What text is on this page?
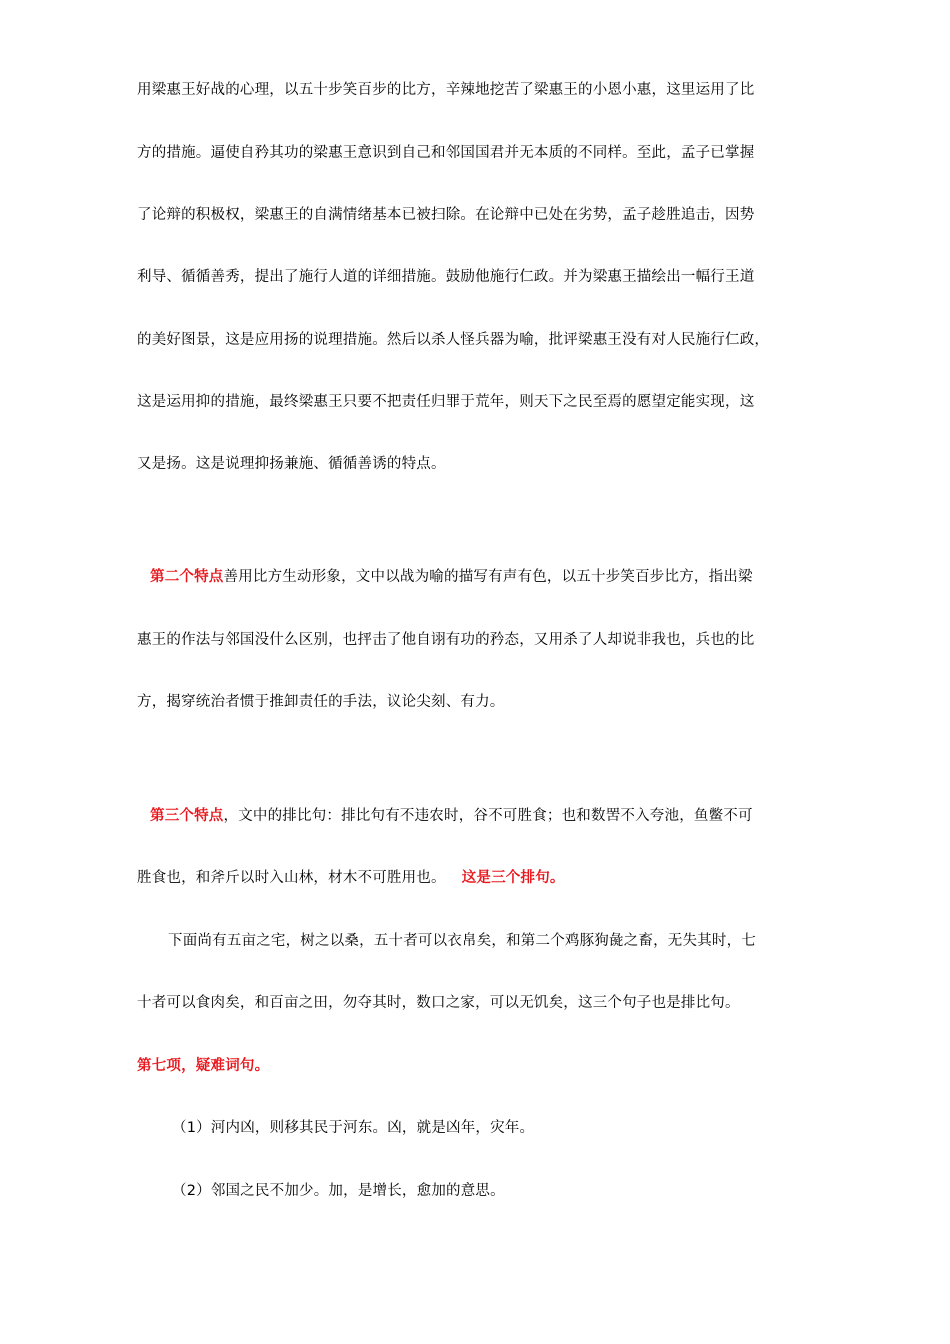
用梁惠王好战的心理，以五十步笑百步的比方，辛辣地挖苦了梁惠王的小恩小惠，这里运用了比
方的措施。逼使自矜其功的梁惠王意识到自己和邻国国君并无本质的不同样。至此，孟子已掌握
了论辩的积极权，梁惠王的自满情绪基本已被扫除。在论辩中已处在劣势，孟子趁胜追击，因势
利导、循循善秀，提出了施行人道的详细措施。鼓励他施行仁政。并为梁惠王描绘出一幅行王道
的美好图景，这是应用扬的说理措施。然后以杀人怪兵器为喻，批评梁惠王没有对人民施行仁政，
这是运用抑的措施，最终梁惠王只要不把责任归罪于荒年，则天下之民至焉的愿望定能实现，这
又是扬。这是说理抑扬兼施、循循善诱的特点。
第二个特点善用比方生动形象，文中以战为喻的描写有声有色，以五十步笑百步比方，指出梁
惠王的作法与邻国没什么区别，也抨击了他自诩有功的矜态，又用杀了人却说非我也，兵也的比
方，揭穿统治者惯于推卸责任的手法，议论尖刻、有力。
第三个特点，文中的排比句：排比句有不违农时，谷不可胜食；也和数罟不入夸池，鱼鳖不可
胜食也，和斧斤以时入山林，材木不可胜用也。 这是三个排句。
下面尚有五亩之宅，树之以桑，五十者可以衣帛矣，和第二个鸡豚狗彘之畜，无失其时，七
十者可以食肉矣，和百亩之田，勿夺其时，数口之家，可以无饥矣，这三个句子也是排比句。
第七项，疑难词句。
（1）河内凶，则移其民于河东。凶，就是凶年，灾年。
（2）邻国之民不加少。加，是增长，愈加的意思。
